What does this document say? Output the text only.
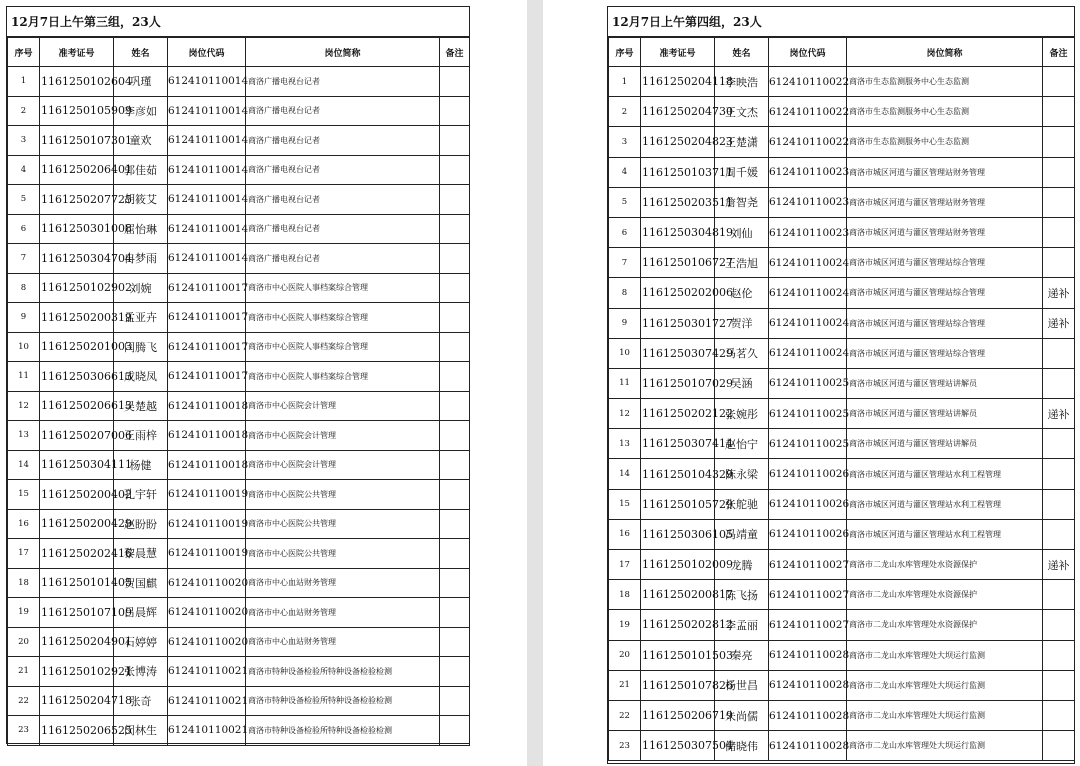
12月7日上午第三组，23人
序号	准考证号	姓名	岗位代码	岗位简称	备注
1	1161250102604	巩瑾	612410110014	商洛广播电视台记者	
2	1161250105909	李彦如	612410110014	商洛广播电视台记者	
3	1161250107301	童欢	612410110014	商洛广播电视台记者	
4	1161250206401	郭佳茹	612410110014	商洛广播电视台记者	
5	1161250207725	胡筱艾	612410110014	商洛广播电视台记者	
6	1161250301008	屈怡琳	612410110014	商洛广播电视台记者	
7	1161250304704	冉梦雨	612410110014	商洛广播电视台记者	
8	1161250102902	刘婉	612410110017	商洛市中心医院人事档案综合管理	
9	1161250200319	孟亚卉	612410110017	商洛市中心医院人事档案综合管理	
10	1161250201003	闫腾飞	612410110017	商洛市中心医院人事档案综合管理	
11	1161250306613	成晓凤	612410110017	商洛市中心医院人事档案综合管理	
12	1161250206613	吴楚越	612410110018	商洛市中心医院会计管理	
13	1161250207006	王雨梓	612410110018	商洛市中心医院会计管理	
14	1161250304111	杨健	612410110018	商洛市中心医院会计管理	
15	1161250200402	孔宇轩	612410110019	商洛市中心医院公共管理	
16	1161250200429	赵盼盼	612410110019	商洛市中心医院公共管理	
17	1161250202416	黎晨慧	612410110019	商洛市中心医院公共管理	
18	1161250101405	贺国麒	612410110020	商洛市中心血站财务管理	
19	1161250107109	吕晨辉	612410110020	商洛市中心血站财务管理	
20	1161250204901	石婷婷	612410110020	商洛市中心血站财务管理	
21	1161250102921	张博涛	612410110021	商洛市特种设备检验所特种设备检验检测	
22	1161250204718	张奇	612410110021	商洛市特种设备检验所特种设备检验检测	
23	1161250206525	闵林生	612410110021	商洛市特种设备检验所特种设备检验检测	
12月7日上午第四组，23人
序号	准考证号	姓名	岗位代码	岗位简称	备注
1	1161250204118	李映浩	612410110022	商洛市生态监测服务中心生态监测	
2	1161250204730	王文杰	612410110022	商洛市生态监测服务中心生态监测	
3	1161250204823	王楚潇	612410110022	商洛市生态监测服务中心生态监测	
4	1161250103711	周千媛	612410110023	商洛市城区河道与灌区管理站财务管理	
5	1161250203511	詹智尧	612410110023	商洛市城区河道与灌区管理站财务管理	
6	1161250304819	刘仙	612410110023	商洛市城区河道与灌区管理站财务管理	
7	1161250106727	王浩旭	612410110024	商洛市城区河道与灌区管理站综合管理	
8	1161250202006	赵伦	612410110024	商洛市城区河道与灌区管理站综合管理	递补
9	1161250301727	贺洋	612410110024	商洛市城区河道与灌区管理站综合管理	递补
10	1161250307429	马茗久	612410110024	商洛市城区河道与灌区管理站综合管理	
11	1161250107029	吴涵	612410110025	商洛市城区河道与灌区管理站讲解员	
12	1161250202122	张婉彤	612410110025	商洛市城区河道与灌区管理站讲解员	递补
13	1161250307414	赵怡宁	612410110025	商洛市城区河道与灌区管理站讲解员	
14	1161250104329	陈永梁	612410110026	商洛市城区河道与灌区管理站水利工程管理	
15	1161250105729	张舵驰	612410110026	商洛市城区河道与灌区管理站水利工程管理	
16	1161250306105	冯靖童	612410110026	商洛市城区河道与灌区管理站水利工程管理	
17	1161250102009	龙腾	612410110027	商洛市二龙山水库管理处水资源保护	递补
18	1161250200817	陈飞扬	612410110027	商洛市二龙山水库管理处水资源保护	
19	1161250202812	李孟丽	612410110027	商洛市二龙山水库管理处水资源保护	
20	1161250101503	秦亮	612410110028	商洛市二龙山水库管理处大坝运行监测	
21	1161250107826	杨世昌	612410110028	商洛市二龙山水库管理处大坝运行监测	
22	1161250206719	朱尚儒	612410110028	商洛市二龙山水库管理处大坝运行监测	
23	1161250307504	储晓伟	612410110028	商洛市二龙山水库管理处大坝运行监测	
